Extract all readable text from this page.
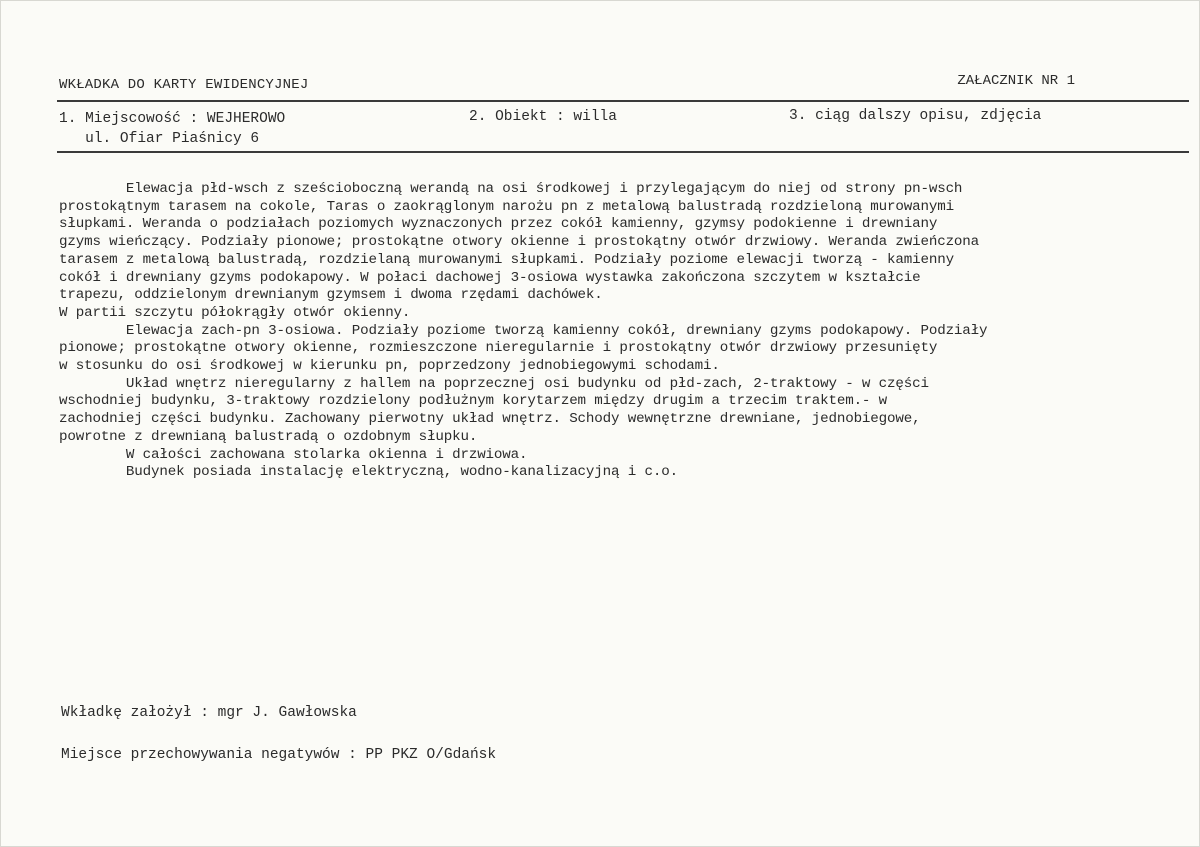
WKŁADKA DO KARTY EWIDENCYJNEJ	ZAŁACZNIK NR 1
1. Miejscowość : WEJHEROWO
ul. Ofiar Piaśnicy 6
2. Obiekt : willa	3. ciąg dalszy opisu, zdjęcia
Elewacja płd-wsch z sześcioboczną werandą na osi środkowej i przylegającym do niej od strony pn-wsch
prostokątnym tarasem na cokole, Taras o zaokrąglonym narożu pn z metalową balustradą rozdzieloną murowanymi
słupkami. Weranda o podziałach poziomych wyznaczonych przez cokół kamienny, gzymsy podokienne i drewniany
gzyms wieńczący. Podziały pionowe; prostokątne otwory okienne i prostokątny otwór drzwiowy. Weranda zwieńczona
tarasem z metalową balustradą, rozdzielaną murowanymi słupkami. Podziały poziome elewacji tworzą - kamienny
cokół i drewniany gzyms podokapowy. W połaci dachowej 3-osiowa wystawka zakończona szczytem w kształcie
trapezu, oddzielonym drewnianym gzymsem i dwoma rzędami dachówek.
W partii szczytu półokrągły otwór okienny.
Elewacja zach-pn 3-osiowa. Podziały poziome tworzą kamienny cokół, drewniany gzyms podokapowy. Podziały
pionowe; prostokątne otwory okienne, rozmieszczone nieregularnie i prostokątny otwór drzwiowy przesunięty
w stosunku do osi środkowej w kierunku pn, poprzedzony jednobiegowymi schodami.
Układ wnętrz nieregularny z hallem na poprzecznej osi budynku od płd-zach, 2-traktowy - w części
wschodniej budynku, 3-traktowy rozdzielony podłużnym korytarzem między drugim a trzecim traktem.- w
zachodniej części budynku. Zachowany pierwotny układ wnętrz. Schody wewnętrzne drewniane, jednobiegowe,
powrotne z drewnianą balustradą o ozdobnym słupku.
W całości zachowana stolarka okienna i drzwiowa.
Budynek posiada instalację elektryczną, wodno-kanalizacyjną i c.o.
Wkładkę założył : mgr J. Gawłowska
Miejsce przechowywania negatywów : PP PKZ O/Gdańsk
